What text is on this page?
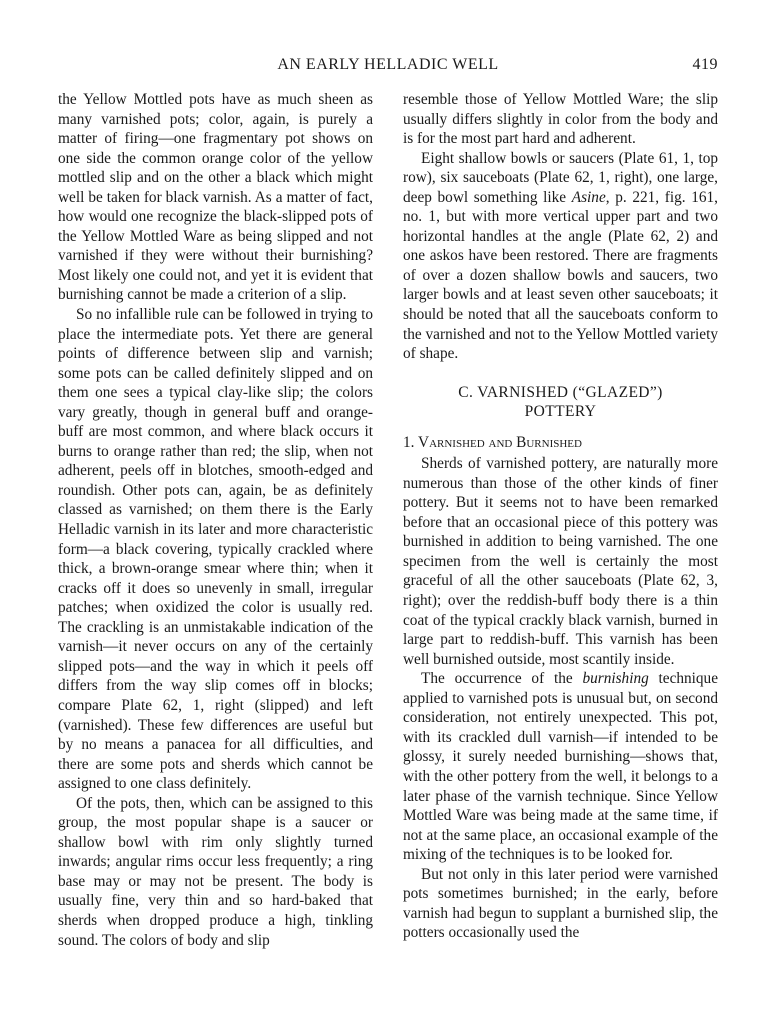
AN EARLY HELLADIC WELL	419

the Yellow Mottled pots have as much sheen as many varnished pots; color, again, is purely a matter of firing—one fragmentary pot shows on one side the common orange color of the yellow mottled slip and on the other a black which might well be taken for black varnish. As a matter of fact, how would one recognize the black-slipped pots of the Yellow Mottled Ware as being slipped and not varnished if they were without their burnishing? Most likely one could not, and yet it is evident that burnishing cannot be made a criterion of a slip.

So no infallible rule can be followed in trying to place the intermediate pots. Yet there are general points of difference between slip and varnish; some pots can be called definitely slipped and on them one sees a typical clay-like slip; the colors vary greatly, though in general buff and orange-buff are most common, and where black occurs it burns to orange rather than red; the slip, when not adherent, peels off in blotches, smooth-edged and roundish. Other pots can, again, be as definitely classed as varnished; on them there is the Early Helladic varnish in its later and more characteristic form—a black covering, typically crackled where thick, a brown-orange smear where thin; when it cracks off it does so unevenly in small, irregular patches; when oxidized the color is usually red. The crackling is an unmistakable indication of the varnish—it never occurs on any of the certainly slipped pots—and the way in which it peels off differs from the way slip comes off in blocks; compare Plate 62, 1, right (slipped) and left (varnished). These few differences are useful but by no means a panacea for all difficulties, and there are some pots and sherds which cannot be assigned to one class definitely.

Of the pots, then, which can be assigned to this group, the most popular shape is a saucer or shallow bowl with rim only slightly turned inwards; angular rims occur less frequently; a ring base may or may not be present. The body is usually fine, very thin and so hard-baked that sherds when dropped produce a high, tinkling sound. The colors of body and slip

resemble those of Yellow Mottled Ware; the slip usually differs slightly in color from the body and is for the most part hard and adherent.

Eight shallow bowls or saucers (Plate 61, 1, top row), six sauceboats (Plate 62, 1, right), one large, deep bowl something like Asine, p. 221, fig. 161, no. 1, but with more vertical upper part and two horizontal handles at the angle (Plate 62, 2) and one askos have been restored. There are fragments of over a dozen shallow bowls and saucers, two larger bowls and at least seven other sauceboats; it should be noted that all the sauceboats conform to the varnished and not to the Yellow Mottled variety of shape.

C. VARNISHED (“GLAZED”)
POTTERY
1. Varnished and Burnished

Sherds of varnished pottery, are naturally more numerous than those of the other kinds of finer pottery. But it seems not to have been remarked before that an occasional piece of this pottery was burnished in addition to being varnished. The one specimen from the well is certainly the most graceful of all the other sauceboats (Plate 62, 3, right); over the reddish-buff body there is a thin coat of the typical crackly black varnish, burned in large part to reddish-buff. This varnish has been well burnished outside, most scantily inside.

The occurrence of the burnishing technique applied to varnished pots is unusual but, on second consideration, not entirely unexpected. This pot, with its crackled dull varnish—if intended to be glossy, it surely needed burnishing—shows that, with the other pottery from the well, it belongs to a later phase of the varnish technique. Since Yellow Mottled Ware was being made at the same time, if not at the same place, an occasional example of the mixing of the techniques is to be looked for.

But not only in this later period were varnished pots sometimes burnished; in the early, before varnish had begun to supplant a burnished slip, the potters occasionally used the
